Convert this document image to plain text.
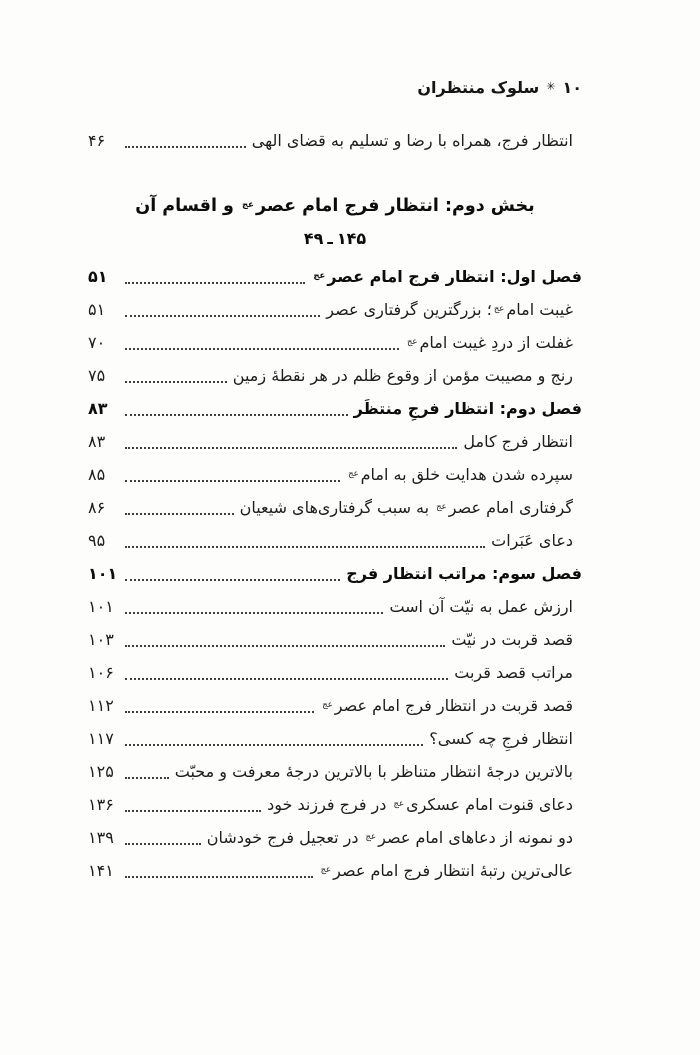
۱۰
✳
سلوک منتظران
انتظار فرج، همراه با رضا و تسلیم به قضای الهی
۴۶
بخش دوم: انتظار فرج امام عصرعج و اقسام آن
۴۹ ـ ۱۴۵
فصل اول: انتظار فرج امام عصرعج
۵۱
غیبت امامعج؛ بزرگترین گرفتاری عصر
۵۱
غفلت از دردِ غیبت امامعج
۷۰
رنج و مصیبت مؤمن از وقوع ظلم در هر نقطهٔ زمین
۷۵
فصل دوم: انتظار فرجِ منتظَر
۸۳
انتظار فرج کامل
۸۳
سپرده شدن هدایت خلق به امامعج
۸۵
گرفتاری امام عصرعج به سبب گرفتاری‌های شیعیان
۸۶
دعای عَبَرات
۹۵
فصل سوم: مراتب انتظار فرج
۱۰۱
ارزش عمل به نیّت آن است
۱۰۱
قصد قربت در نیّت
۱۰۳
مراتب قصد قربت
۱۰۶
قصد قربت در انتظار فرج امام عصرعج
۱۱۲
انتظار فرجِ چه کسی؟
۱۱۷
بالاترین درجهٔ انتظار متناظر با بالاترین درجهٔ معرفت و محبّت
۱۲۵
دعای قنوت امام عسکریعج در فرج فرزند خود
۱۳۶
دو نمونه از دعاهای امام عصرعج در تعجیل فرج خودشان
۱۳۹
عالی‌ترین رتبهٔ انتظار فرج امام عصرعج
۱۴۱
